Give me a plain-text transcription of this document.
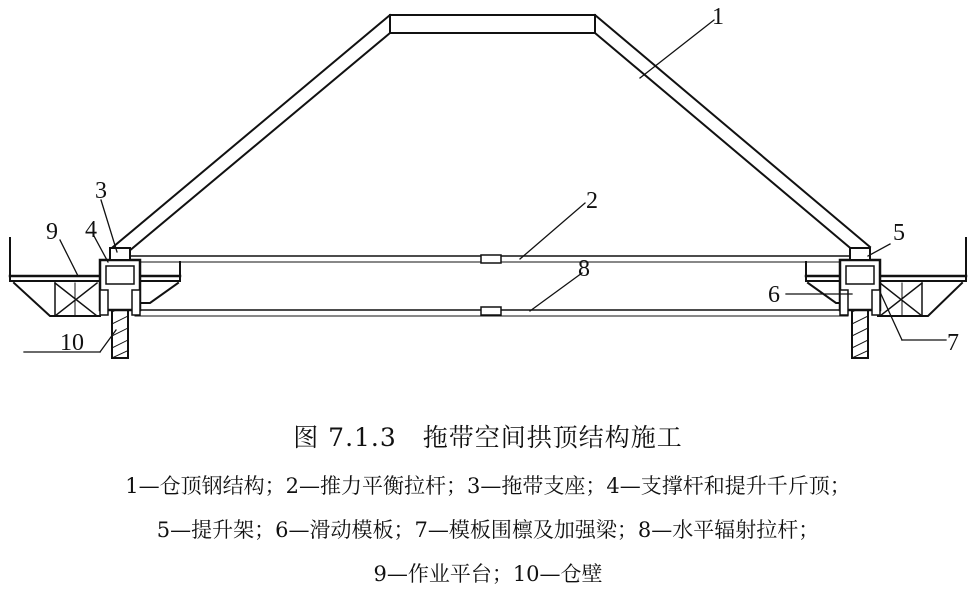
1
2
3
4	5
6
7
8
9
10
图 7.1.3　拖带空间拱顶结构施工
1—仓顶钢结构；2—推力平衡拉杆；3—拖带支座；4—支撑杆和提升千斤顶；
5—提升架；6—滑动模板；7—模板围檩及加强梁；8—水平辐射拉杆；
9—作业平台；10—仓壁
